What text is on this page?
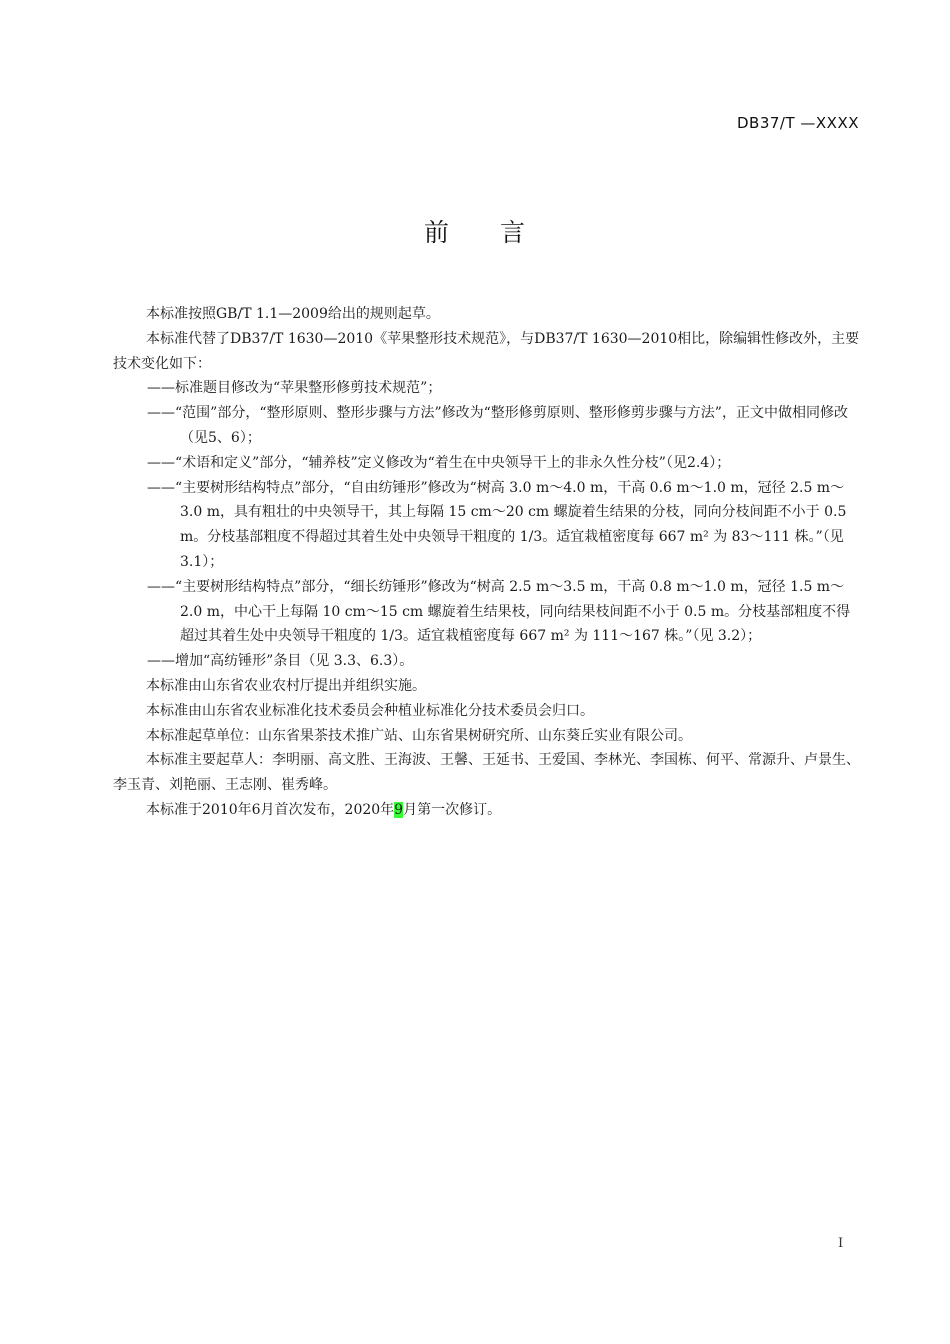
DB37/T —XXXX
前 言

本标准按照GB/T 1.1—2009给出的规则起草。

本标准代替了DB37/T 1630—2010《苹果整形技术规范》，与DB37/T 1630—2010相比，除编辑性修改外，主要技术变化如下：

——标准题目修改为“苹果整形修剪技术规范”；

——“范围”部分，“整形原则、整形步骤与方法”修改为“整形修剪原则、整形修剪步骤与方法”，正文中做相同修改（见5、6）；

——“术语和定义”部分，“辅养枝”定义修改为“着生在中央领导干上的非永久性分枝”（见2.4）；

——“主要树形结构特点”部分，“自由纺锤形”修改为“树高 3.0 m～4.0 m，干高 0.6 m～1.0 m，冠径 2.5 m～3.0 m，具有粗壮的中央领导干，其上每隔 15 cm～20 cm 螺旋着生结果的分枝，同向分枝间距不小于 0.5 m。分枝基部粗度不得超过其着生处中央领导干粗度的 1/3。适宜栽植密度每 667 m² 为 83～111 株。”（见 3.1）；

——“主要树形结构特点”部分，“细长纺锤形”修改为“树高 2.5 m～3.5 m，干高 0.8 m～1.0 m，冠径 1.5 m～2.0 m，中心干上每隔 10 cm～15 cm 螺旋着生结果枝，同向结果枝间距不小于 0.5 m。分枝基部粗度不得超过其着生处中央领导干粗度的 1/3。适宜栽植密度每 667 m² 为 111～167 株。”（见 3.2）；

——增加“高纺锤形”条目（见 3.3、6.3）。

本标准由山东省农业农村厅提出并组织实施。

本标准由山东省农业标准化技术委员会种植业标准化分技术委员会归口。

本标准起草单位：山东省果茶技术推广站、山东省果树研究所、山东葵丘实业有限公司。

本标准主要起草人：李明丽、高文胜、王海波、王馨、王延书、王爱国、李林光、李国栋、何平、常源升、卢景生、李玉青、刘艳丽、王志刚、崔秀峰。

本标准于2010年6月首次发布，2020年9月第一次修订。

I
